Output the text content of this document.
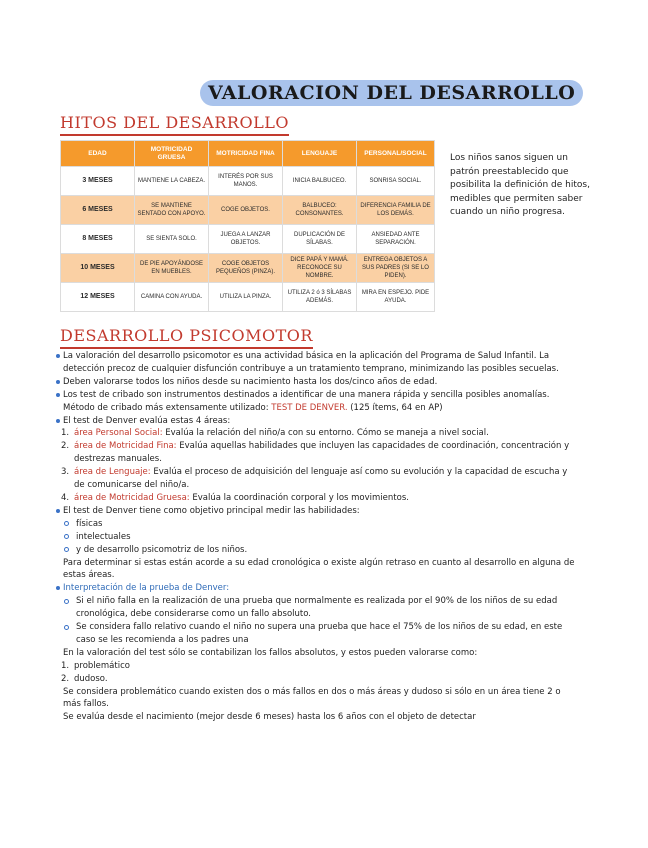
VALORACION DEL DESARROLLO
HITOS DEL DESARROLLO
EDAD	MOTRICIDAD GRUESA	MOTRICIDAD FINA	LENGUAJE	PERSONAL/SOCIAL
3 MESES	MANTIENE LA CABEZA.	INTERÉS POR SUS MANOS.	INICIA BALBUCEO.	SONRISA SOCIAL.
6 MESES	SE MANTIENE SENTADO CON APOYO.	COGE OBJETOS.	BALBUCEO: CONSONANTES.	DIFERENCIA FAMILIA DE LOS DEMÁS.
8 MESES	SE SIENTA SOLO.	JUEGA A LANZAR OBJETOS.	DUPLICACIÓN DE SÍLABAS.	ANSIEDAD ANTE SEPARACIÓN.
10 MESES	DE PIE APOYÁNDOSE EN MUEBLES.	COGE OBJETOS PEQUEÑOS (PINZA).	DICE PAPÁ Y MAMÁ. RECONOCE SU NOMBRE.	ENTREGA OBJETOS A SUS PADRES (SI SE LO PIDEN).
12 MESES	CAMINA CON AYUDA.	UTILIZA LA PINZA.	UTILIZA 2 ó 3 SÍLABAS ADEMÁS.	MIRA EN ESPEJO. PIDE AYUDA.
Los niños sanos siguen un patrón preestablecido que posibilita la definición de hitos, medibles que permiten saber cuando un niño progresa.
DESARROLLO PSICOMOTOR
La valoración del desarrollo psicomotor es una actividad básica en la aplicación del Programa de Salud Infantil. La detección precoz de cualquier disfunción contribuye a un tratamiento temprano, minimizando las posibles secuelas.
Deben valorarse todos los niños desde su nacimiento hasta los dos/cinco años de edad.
Los test de cribado son instrumentos destinados a identificar de una manera rápida y sencilla posibles anomalías. Método de cribado más extensamente utilizado: TEST DE DENVER. (125 ítems, 64 en AP)
El test de Denver evalúa estas 4 áreas:
1. área Personal Social: Evalúa la relación del niño/a con su entorno. Cómo se maneja a nivel social.
2. área de Motricidad Fina: Evalúa aquellas habilidades que incluyen las capacidades de coordinación, concentración y destrezas manuales.
3. área de Lenguaje: Evalúa el proceso de adquisición del lenguaje así como su evolución y la capacidad de escucha y de comunicarse del niño/a.
4. área de Motricidad Gruesa: Evalúa la coordinación corporal y los movimientos.
El test de Denver tiene como objetivo principal medir las habilidades:
físicas
intelectuales
y de desarrollo psicomotriz de los niños.
Para determinar si estas están acorde a su edad cronológica o existe algún retraso en cuanto al desarrollo en alguna de estas áreas.
Interpretación de la prueba de Denver:
Si el niño falla en la realización de una prueba que normalmente es realizada por el 90% de los niños de su edad cronológica, debe considerarse como un fallo absoluto.
Se considera fallo relativo cuando el niño no supera una prueba que hace el 75% de los niños de su edad, en este caso se les recomienda a los padres una
En la valoración del test sólo se contabilizan los fallos absolutos, y estos pueden valorarse como:
1. problemático
2. dudoso.
Se considera problemático cuando existen dos o más fallos en dos o más áreas y dudoso si sólo en un área tiene 2 o más fallos.
Se evalúa desde el nacimiento (mejor desde 6 meses) hasta los 6 años con el objeto de detectar
